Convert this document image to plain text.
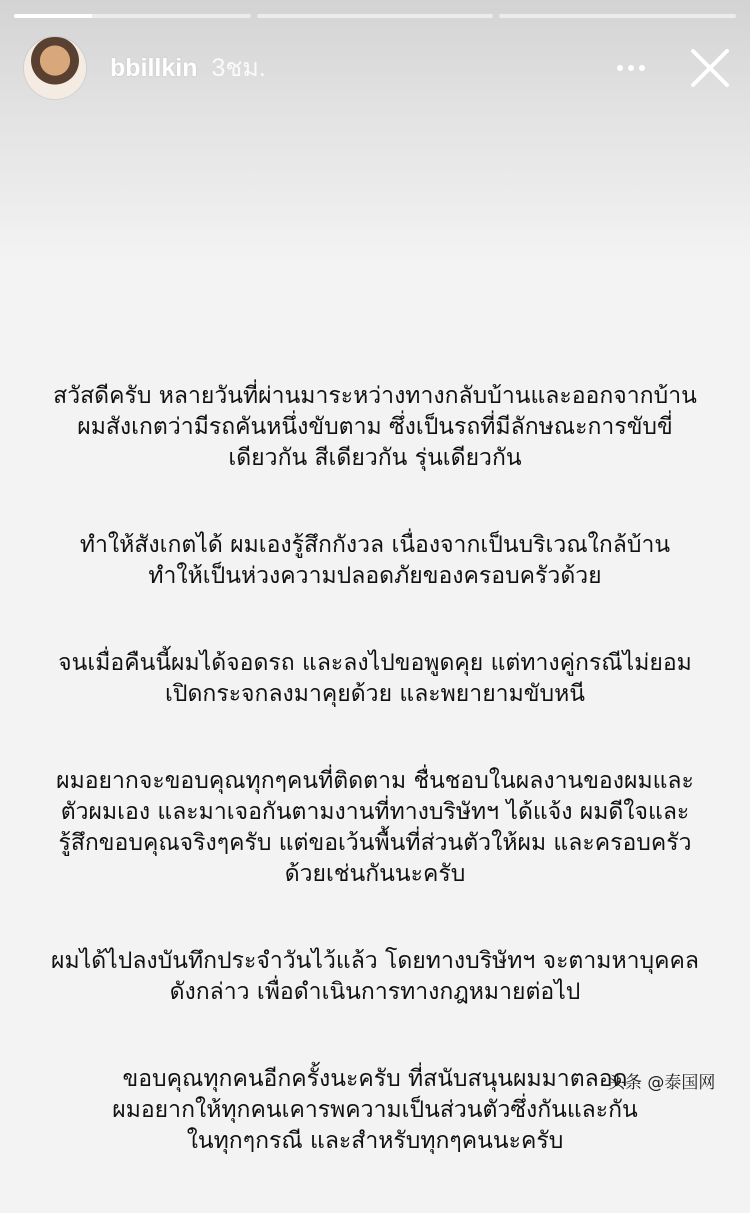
bbillkin 3ชม.

สวัสดีครับ หลายวันที่ผ่านมาระหว่างทางกลับบ้านและออกจากบ้าน
ผมสังเกตว่ามีรถคันหนึ่งขับตาม ซึ่งเป็นรถที่มีลักษณะการขับขี่
เดียวกัน สีเดียวกัน รุ่นเดียวกัน

ทำให้สังเกตได้ ผมเองรู้สึกกังวล เนื่องจากเป็นบริเวณใกล้บ้าน
ทำให้เป็นห่วงความปลอดภัยของครอบครัวด้วย

จนเมื่อคืนนี้ผมได้จอดรถ และลงไปขอพูดคุย แต่ทางคู่กรณีไม่ยอม
เปิดกระจกลงมาคุยด้วย และพยายามขับหนี

ผมอยากจะขอบคุณทุกๆคนที่ติดตาม ชื่นชอบในผลงานของผมและ
ตัวผมเอง และมาเจอกันตามงานที่ทางบริษัทฯ ได้แจ้ง ผมดีใจและ
รู้สึกขอบคุณจริงๆครับ แต่ขอเว้นพื้นที่ส่วนตัวให้ผม และครอบครัว
ด้วยเช่นกันนะครับ

ผมได้ไปลงบันทึกประจำวันไว้แล้ว โดยทางบริษัทฯ จะตามหาบุคคล
ดังกล่าว เพื่อดำเนินการทางกฎหมายต่อไป

ขอบคุณทุกคนอีกครั้งนะครับ ที่สนับสนุนผมมาตลอด
ผมอยากให้ทุกคนเคารพความเป็นส่วนตัวซึ่งกันและกัน
ในทุกๆกรณี และสำหรับทุกๆคนนะครับ

头条 @泰国网
